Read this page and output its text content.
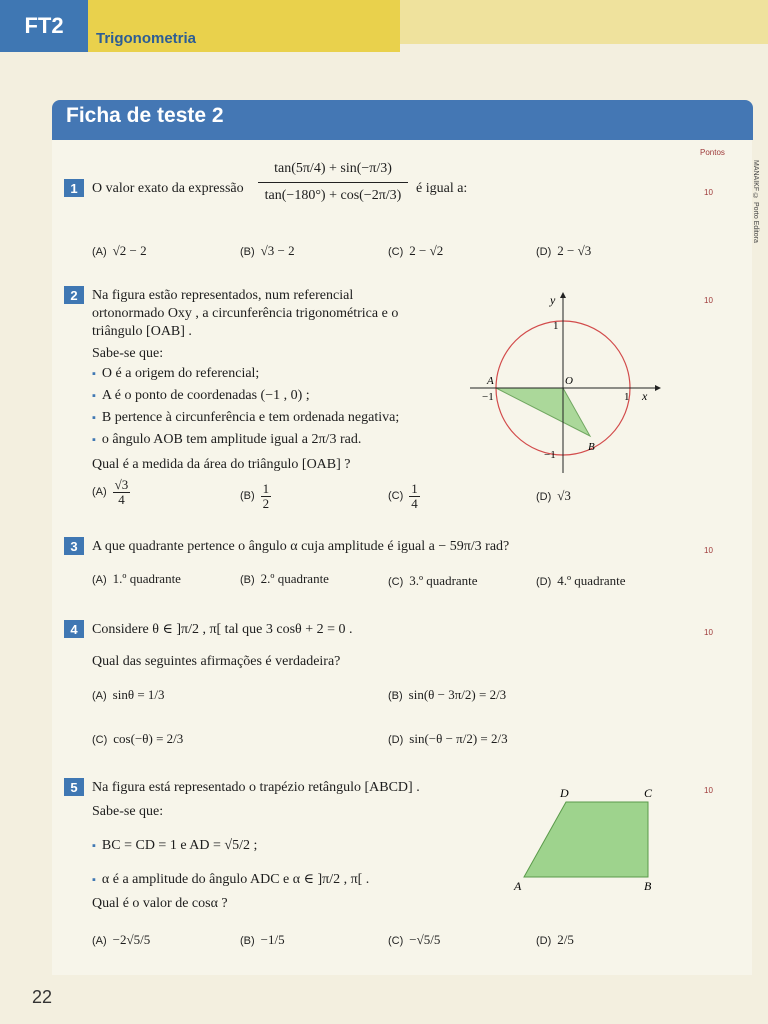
FT2
Trigonometria
Ficha de teste 2
Pontos
MANAIKF © Porto Editora
1	O valor exato da expressão $\frac{\tan(5\pi/4) + \sin(-\pi/3)}{\tan(-180^\circ) + \cos(-2\pi/3)}$ é igual a:	10
(A) √2 − 2	(B) √3 − 2	(C) 2 − √2	(D) 2 − √3
2	10
Na figura estão representados, num referencial
ortonormado Oxy , a circunferência trigonométrica e o
triângulo [OAB] .
Sabe-se que:
▪ O é a origem do referencial;
▪ A é o ponto de coordenadas (−1 , 0) ;
▪ B pertence à circunferência e tem ordenada negativa;
▪ o ângulo AOB tem amplitude igual a 2π/3 rad.
Qual é a medida da área do triângulo [OAB] ?
$(A) \frac{√3}{4}$	$(B) \frac{1}{2}$	$(C) \frac{1}{4}$	(D) √3
y
x
1
−1
1
−1
A	O
B
3	A que quadrante pertence o ângulo α cuja amplitude é igual a − 59π/3 rad?	10
(A) 1.º quadrante	(B) 2.º quadrante	(C) 3.º quadrante	(D) 4.º quadrante
4	Considere θ ∈ ]π/2 , π[ tal que 3 cosθ + 2 = 0 .	10
Qual das seguintes afirmações é verdadeira?
(A) sinθ = 1/3	(B) sin(θ − 3π/2) = 2/3
(C) cos(−θ) = 2/3	(D) sin(−θ − π/2) = 2/3
5	Na figura está representado o trapézio retângulo [ABCD] .	10
Sabe-se que:
▪ BC = CD = 1 e AD = √5/2 ;
▪ α é a amplitude do ângulo ADC e α ∈ ]π/2 , π[ .
Qual é o valor de cosα ?
(A) −2√5/5	(B) −1/5	(C) −√5/5	(D) 2/5
A	B
C
D
22
